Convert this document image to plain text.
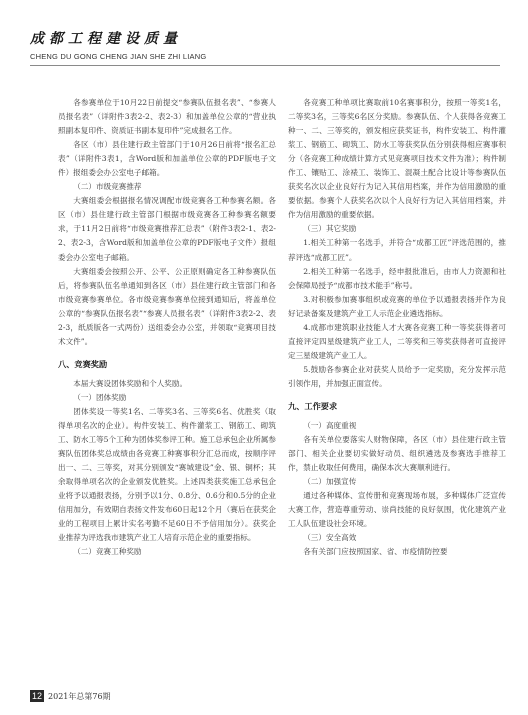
成都工程建设质量
CHENG DU GONG CHENG JIAN SHE ZHI LIANG

各参赛单位于10月22日前提交“参赛队伍报名表”、“参赛人员报名表”（详附件3表2-2、表2-3）和加盖单位公章的“营业执照副本复印件、资质证书副本复印件”完成报名工作。

各区（市）县住建行政主管部门于10月26日前将“报名汇总表”（详附件3表1，含Word版和加盖单位公章的PDF版电子文件）报组委会办公室电子邮箱。

（二）市级竞赛推荐

大赛组委会根据报名情况调配市级竞赛各工种参赛名额。各区（市）县住建行政主管部门根据市级竞赛各工种参赛名额要求，于11月2日前将“市级竞赛推荐汇总表”（附件3表2-1、表2-2、表2-3，含Word版和加盖单位公章的PDF版电子文件）报组委会办公室电子邮箱。

大赛组委会按照公开、公平、公正原则确定各工种参赛队伍后，将参赛队伍名单通知到各区（市）县住建行政主管部门和各市级竞赛参赛单位。各市级竞赛参赛单位接到通知后，将盖单位公章的“参赛队伍报名表”“参赛人员报名表”（详附件3表2-2、表2-3，纸质版各一式两份）送组委会办公室，并领取“竞赛项目技术文件”。

八、竞赛奖励

本届大赛设团体奖励和个人奖励。

（一）团体奖励

团体奖设一等奖1名、二等奖3名、三等奖6名、优胜奖（取得单项名次的企业）。构件安装工、构件灌浆工、钢筋工、砌筑工、防水工等5个工种为团体奖参评工种。施工总承包企业所属参赛队伍团体奖总成绩由各竞赛工种赛事积分汇总而成，按顺序评出一、二、三等奖，对其分别颁发“赛城建设”金、银、铜杯；其余取得单项名次的企业颁发优胜奖。上述四类获奖施工总承包企业将予以通报表扬，分别予以1分、0.8分、0.6分和0.5分的企业信用加分，有效期自表扬文件发布60日起12个月（赛后在获奖企业的工程项目上累计实名考勤不足60日不予信用加分）。获奖企业推荐为评选我市建筑产业工人培育示范企业的重要指标。

（二）竞赛工种奖励

各竞赛工种单项比赛取前10名赛事积分，按照一等奖1名，二等奖3名，三等奖6名区分奖励。参赛队伍、个人获得各竞赛工种一、二、三等奖的，颁发相应获奖证书，构件安装工、构件灌浆工、钢筋工、砌筑工、防水工等获奖队伍分别获得相应赛事积分（各竞赛工种成绩计算方式见竞赛项目技术文件为准）；构件制作工、镶贴工、涂裱工、装饰工、混凝土配合比设计等参赛队伍获奖名次以企业良好行为记入其信用档案，并作为信用激励的重要依据。参赛个人获奖名次以个人良好行为记入其信用档案，并作为信用激励的重要依据。

（三）其它奖励

1.相关工种第一名选手，并符合“成都工匠”评选范围的，推荐评选“成都工匠”。

2.相关工种第一名选手，经申报批准后，由市人力资源和社会保障局授予“成都市技术能手”称号。

3.对积极参加赛事组织或竞赛的单位予以通报表扬并作为良好记录备案及建筑产业工人示范企业遴选指标。

4.成都市建筑职业技能人才大赛各竞赛工种一等奖获得者可直接评定四星级建筑产业工人，二等奖和三等奖获得者可直接评定三星级建筑产业工人。

5.鼓励各参赛企业对获奖人员给予一定奖励，充分发挥示范引领作用，并加强正面宣传。

九、工作要求

（一）高度重视

各有关单位要落实人财物保障，各区（市）县住建行政主管部门、相关企业要切实做好动员、组织遴选及参赛选手推荐工作，禁止收取任何费用，确保本次大赛顺利进行。

（二）加强宣传

通过各种媒体、宣传册和竞赛现场布展，多种媒体广泛宣传大赛工作，营造尊重劳动、崇尚技能的良好氛围，优化建筑产业工人队伍建设社会环境。

（三）安全高效

各有关部门应按照国家、省、市疫情防控要

12 2021年总第76期
